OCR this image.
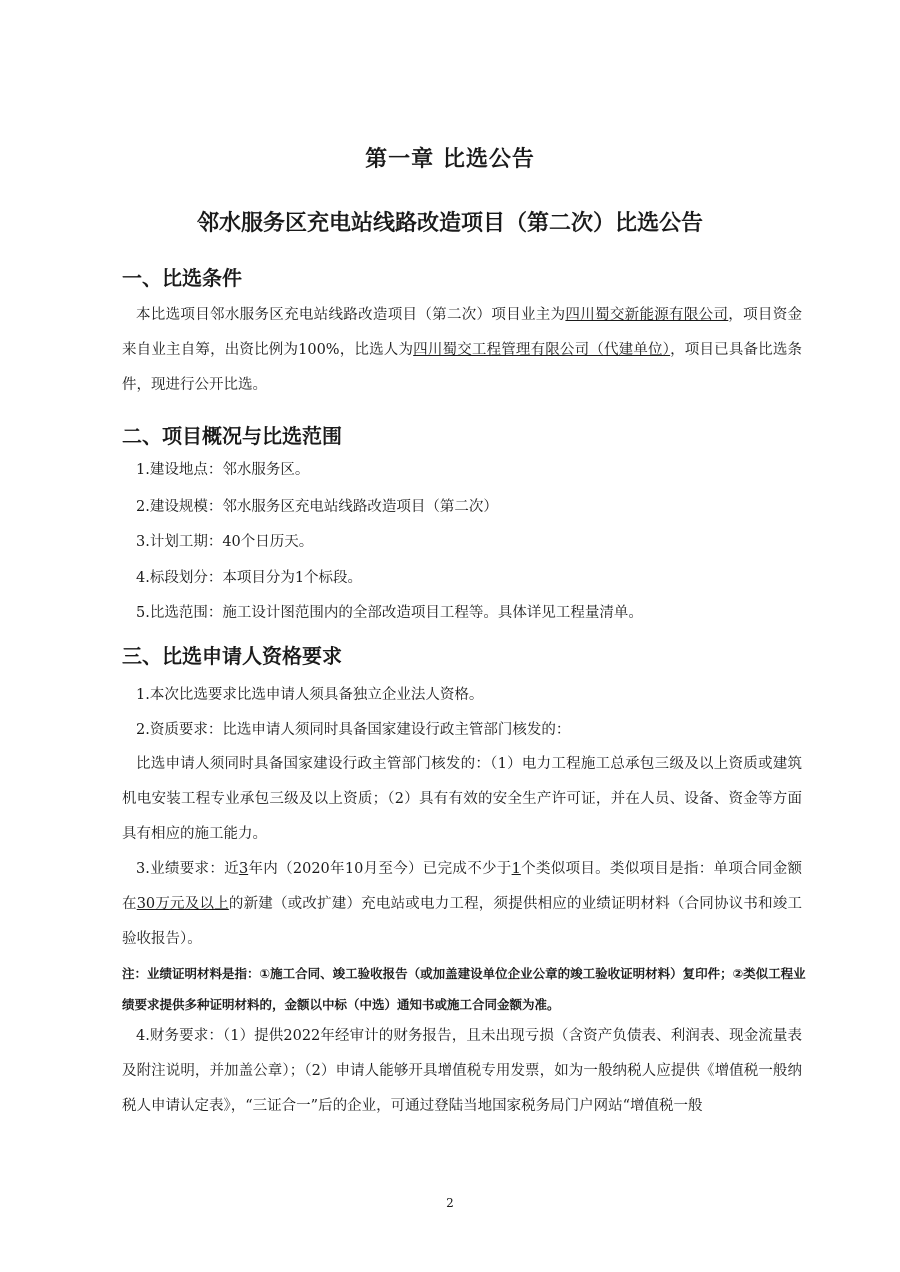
第一章 比选公告
邻水服务区充电站线路改造项目（第二次）比选公告
一、比选条件
本比选项目邻水服务区充电站线路改造项目（第二次）项目业主为四川蜀交新能源有限公司，项目资金来自业主自筹，出资比例为100%，比选人为四川蜀交工程管理有限公司（代建单位），项目已具备比选条件，现进行公开比选。
二、项目概况与比选范围
1.建设地点：邻水服务区。
2.建设规模：邻水服务区充电站线路改造项目（第二次）
3.计划工期：40个日历天。
4.标段划分：本项目分为1个标段。
5.比选范围：施工设计图范围内的全部改造项目工程等。具体详见工程量清单。
三、比选申请人资格要求
1.本次比选要求比选申请人须具备独立企业法人资格。
2.资质要求：比选申请人须同时具备国家建设行政主管部门核发的：
比选申请人须同时具备国家建设行政主管部门核发的：（1）电力工程施工总承包三级及以上资质或建筑机电安装工程专业承包三级及以上资质；（2）具有有效的安全生产许可证，并在人员、设备、资金等方面具有相应的施工能力。
3.业绩要求：近3年内（2020年10月至今）已完成不少于1个类似项目。类似项目是指：单项合同金额在30万元及以上的新建（或改扩建）充电站或电力工程，须提供相应的业绩证明材料（合同协议书和竣工验收报告）。
注：业绩证明材料是指：①施工合同、竣工验收报告（或加盖建设单位企业公章的竣工验收证明材料）复印件；②类似工程业绩要求提供多种证明材料的，金额以中标（中选）通知书或施工合同金额为准。
4.财务要求：（1）提供2022年经审计的财务报告，且未出现亏损（含资产负债表、利润表、现金流量表及附注说明，并加盖公章）；（2）申请人能够开具增值税专用发票，如为一般纳税人应提供《增值税一般纳税人申请认定表》，“三证合一”后的企业，可通过登陆当地国家税务局门户网站“增值税一般
2
